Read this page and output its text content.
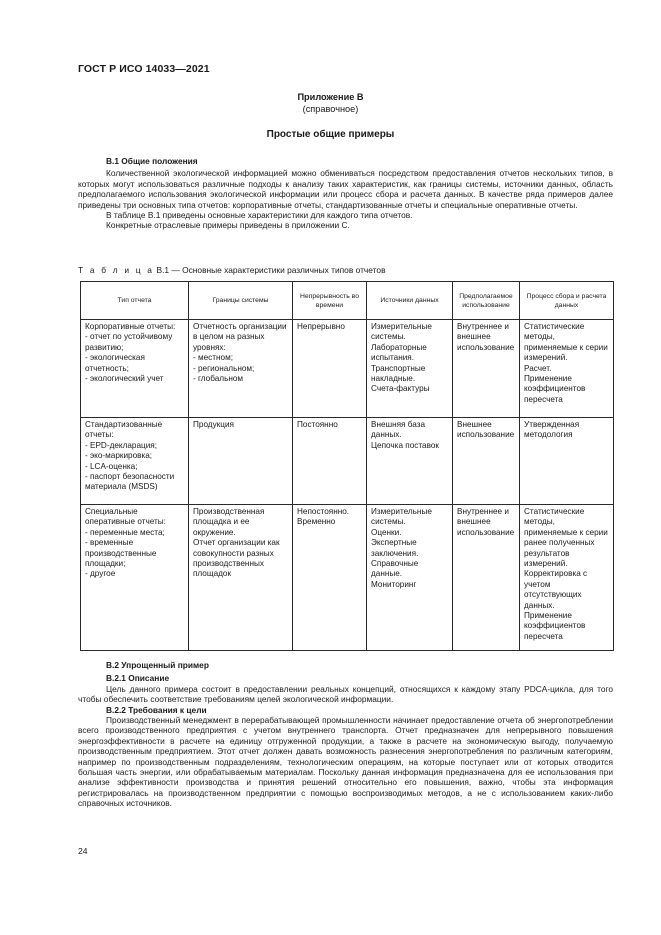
ГОСТ Р ИСО 14033—2021
Приложение В
(справочное)
Простые общие примеры
В.1 Общие положения

Количественной экологической информацией можно обмениваться посредством предоставления отчетов нескольких типов, в которых могут использоваться различные подходы к анализу таких характеристик, как границы системы, источники данных, область предполагаемого использования экологической информации или процесс сбора и расчета данных. В качестве ряда примеров далее приведены три основных типа отчетов: корпоративные отчеты, стандартизованные отчеты и специальные оперативные отчеты.

В таблице В.1 приведены основные характеристики для каждого типа отчетов.

Конкретные отраслевые примеры приведены в приложении С.

Т а б л и ц а В.1 — Основные характеристики различных типов отчетов
Тип отчета	Границы системы	Непрерывность во времени	Источники данных	Предполагаемое использование	Процесс сбора и расчета данных

Корпоративные отчеты:
- отчет по устойчивому развитию;
- экологическая отчетность;
- экологический учет	Отчетность организации в целом на разных уровнях:
- местном;
- региональном;
- глобальном	Непрерывно	Измерительные системы.
Лабораторные испытания.
Транспортные накладные.
Счета-фактуры	Внутреннее и внешнее использование	Статистические методы, применяемые к серии измерений.
Расчет.
Применение коэффициентов пересчета

Стандартизованные отчеты:
- EPD-декларация;
- эко-маркировка;
- LCA-оценка;
- паспорт безопасности материала (MSDS)	Продукция	Постоянно	Внешняя база данных.
Цепочка поставок	Внешнее использование	Утвержденная методология

Специальные оперативные отчеты:
- переменные места;
- временные производственные площадки;
- другое	Производственная площадка и ее окружение.
Отчет организации как совокупности разных производственных площадок	Непостоянно.
Временно	Измерительные системы.
Оценки.
Экспертные заключения.
Справочные данные.
Мониторинг	Внутреннее и внешнее использование	Статистические методы, применяемые к серии ранее полученных результатов измерений.
Корректировка с учетом отсутствующих данных.
Применение коэффициентов пересчета
В.2 Упрощенный пример
В.2.1 Описание

Цель данного примера состоит в предоставлении реальных концепций, относящихся к каждому этапу PDCA-цикла, для того чтобы обеспечить соответствие требованиям целей экологической информации.

В.2.2 Требования к цели

Производственный менеджмент в перерабатывающей промышленности начинает предоставление отчета об энергопотреблении всего производственного предприятия с учетом внутреннего транспорта. Отчет предназначен для непрерывного повышения энергоэффективности в расчете на единицу отгруженной продукции, а также в расчете на экономическую выгоду, получаемую производственным предприятием. Этот отчет должен давать возможность разнесения энергопотребления по различным категориям, например по производственным подразделениям, технологическим операциям, на которые поступает или от которых отводится большая часть энергии, или обрабатываемым материалам. Поскольку данная информация предназначена для ее использования при анализе эффективности производства и принятия решений относительно его повышения, важно, чтобы эта информация регистрировалась на производственном предприятии с помощью воспроизводимых методов, а не с использованием каких-либо справочных источников.

24
